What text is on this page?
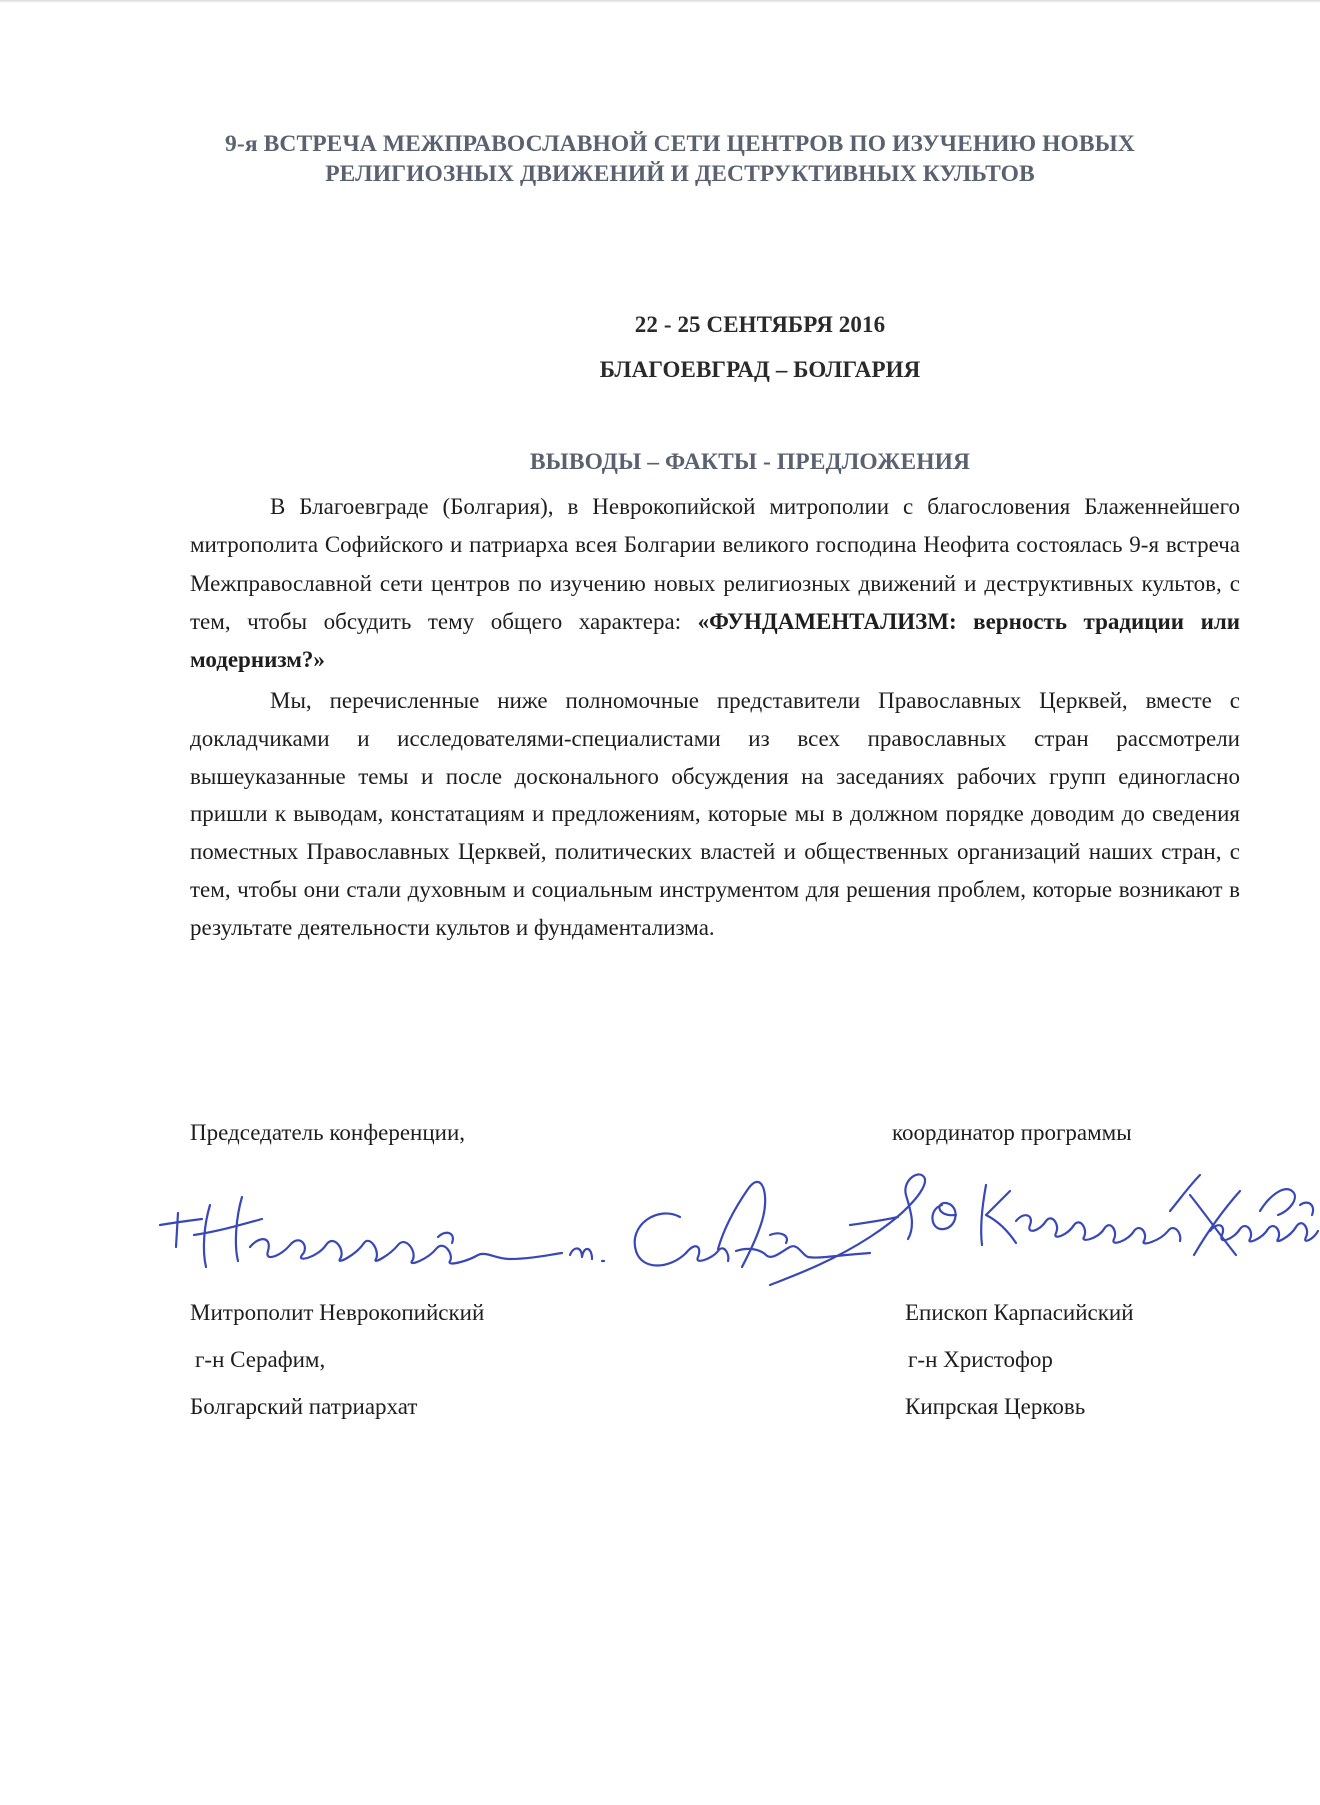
9-я ВСТРЕЧА МЕЖПРАВОСЛАВНОЙ СЕТИ ЦЕНТРОВ ПО ИЗУЧЕНИЮ НОВЫХ
РЕЛИГИОЗНЫХ ДВИЖЕНИЙ И ДЕСТРУКТИВНЫХ КУЛЬТОВ
22 - 25 СЕНТЯБРЯ 2016
БЛАГОЕВГРАД – БОЛГАРИЯ
ВЫВОДЫ – ФАКТЫ - ПРЕДЛОЖЕНИЯ
В Благоевграде (Болгария), в Неврокопийской митрополии с благословения Блаженнейшего митрополита Софийского и патриарха всея Болгарии великого господина Неофита состоялась 9-я встреча Межправославной сети центров по изучению новых религиозных движений и деструктивных культов, с тем, чтобы обсудить тему общего характера: «ФУНДАМЕНТАЛИЗМ: верность традиции или модернизм?»
Мы, перечисленные ниже полномочные представители Православных Церквей, вместе с докладчиками и исследователями-специалистами из всех православных стран рассмотрели вышеуказанные темы и после досконального обсуждения на заседаниях рабочих групп единогласно пришли к выводам, констатациям и предложениям, которые мы в должном порядке доводим до сведения поместных Православных Церквей, политических властей и общественных организаций наших стран, с тем, чтобы они стали духовным и социальным инструментом для решения проблем, которые возникают в результате деятельности культов и фундаментализма.
Председатель конференции,	координатор программы
Митрополит Неврокопийский
г-н Серафим,
Болгарский патриархат
Епископ Карпасийский
г-н Христофор
Кипрская Церковь
